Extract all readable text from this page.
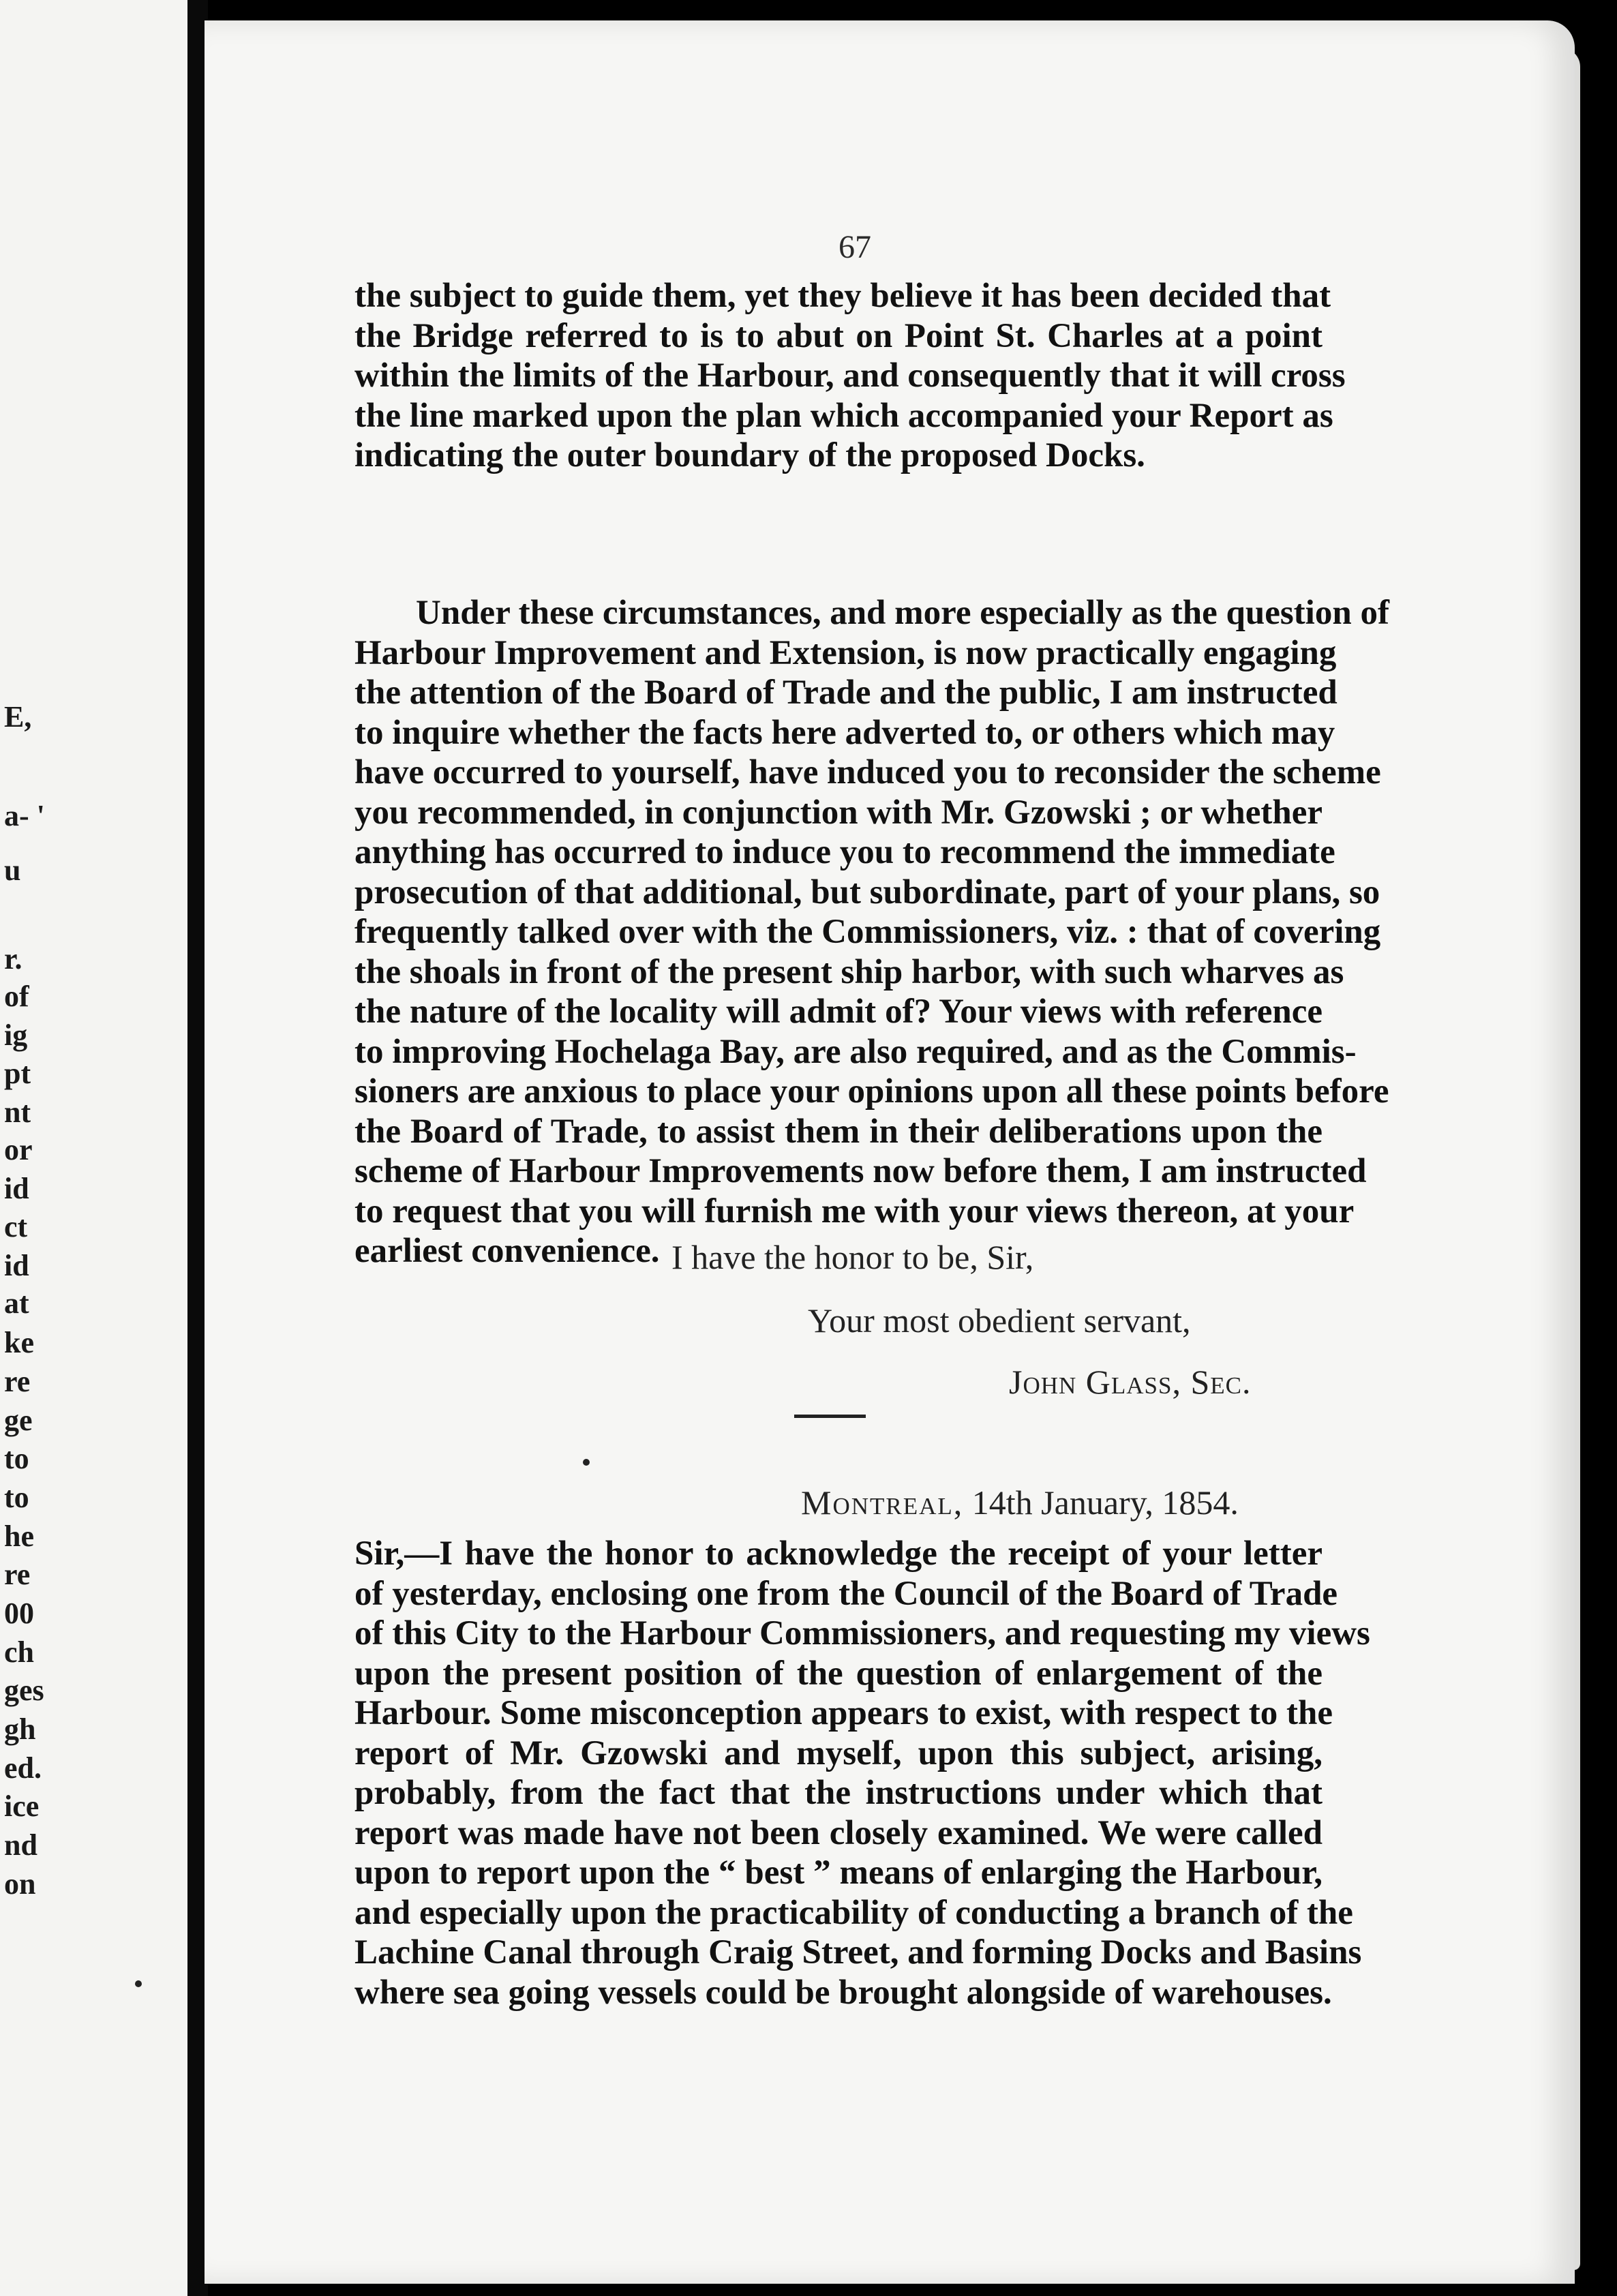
E,
a- '
u
r.
of
ig
pt
nt
or
id
ct
id
at
ke
re
ge
to
to
he
re
00
ch
ges
gh
ed.
ice
nd
on
67
the subject to guide them, yet they believe it has been decided that
the Bridge referred to is to abut on Point St. Charles at a point
within the limits of the Harbour, and consequently that it will cross
the line marked upon the plan which accompanied your Report as
indicating the outer boundary of the proposed Docks.
Under these circumstances, and more especially as the question of
Harbour Improvement and Extension, is now practically engaging
the attention of the Board of Trade and the public, I am instructed
to inquire whether the facts here adverted to, or others which may
have occurred to yourself, have induced you to reconsider the scheme
you recommended, in conjunction with Mr. Gzowski ; or whether
anything has occurred to induce you to recommend the immediate
prosecution of that additional, but subordinate, part of your plans, so
frequently talked over with the Commissioners, viz. : that of covering
the shoals in front of the present ship harbor, with such wharves as
the nature of the locality will admit of? Your views with reference
to improving Hochelaga Bay, are also required, and as the Commis-
sioners are anxious to place your opinions upon all these points before
the Board of Trade, to assist them in their deliberations upon the
scheme of Harbour Improvements now before them, I am instructed
to request that you will furnish me with your views thereon, at your
earliest convenience. I have the honor to be, Sir,
Your most obedient servant,
John Glass, Sec.
Montreal, 14th January, 1854.
Sir,—I have the honor to acknowledge the receipt of your letter
of yesterday, enclosing one from the Council of the Board of Trade
of this City to the Harbour Commissioners, and requesting my views
upon the present position of the question of enlargement of the
Harbour. Some misconception appears to exist, with respect to the
report of Mr. Gzowski and myself, upon this subject, arising,
probably, from the fact that the instructions under which that
report was made have not been closely examined. We were called
upon to report upon the “ best ” means of enlarging the Harbour,
and especially upon the practicability of conducting a branch of the
Lachine Canal through Craig Street, and forming Docks and Basins
where sea going vessels could be brought alongside of warehouses.
